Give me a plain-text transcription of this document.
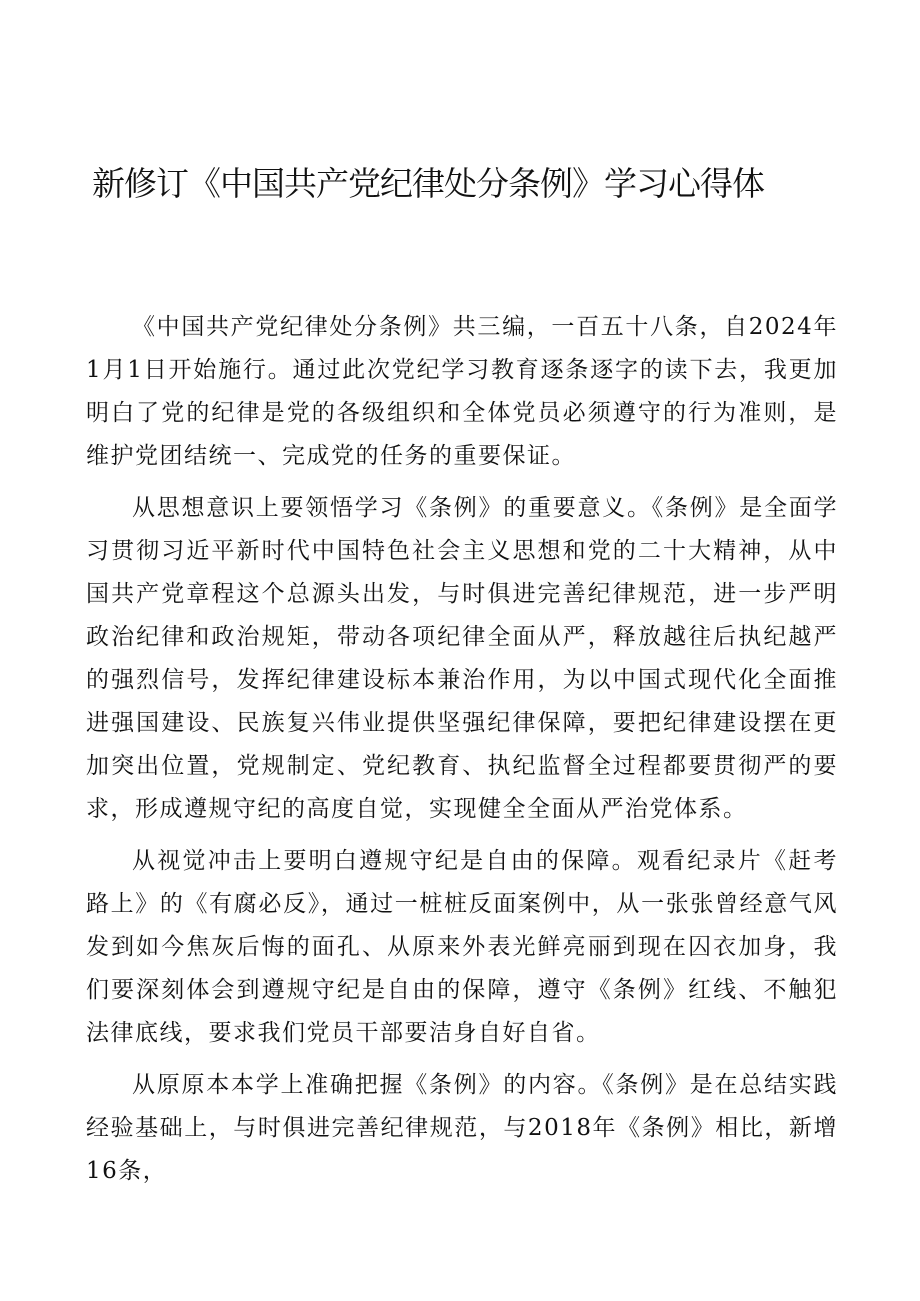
新修订《中国共产党纪律处分条例》学习心得体

《中国共产党纪律处分条例》共三编，一百五十八条，自2024年1月1日开始施行。通过此次党纪学习教育逐条逐字的读下去，我更加明白了党的纪律是党的各级组织和全体党员必须遵守的行为准则，是维护党团结统一、完成党的任务的重要保证。

从思想意识上要领悟学习《条例》的重要意义。《条例》是全面学习贯彻习近平新时代中国特色社会主义思想和党的二十大精神，从中国共产党章程这个总源头出发，与时俱进完善纪律规范，进一步严明政治纪律和政治规矩，带动各项纪律全面从严，释放越往后执纪越严的强烈信号，发挥纪律建设标本兼治作用，为以中国式现代化全面推进强国建设、民族复兴伟业提供坚强纪律保障，要把纪律建设摆在更加突出位置，党规制定、党纪教育、执纪监督全过程都要贯彻严的要求，形成遵规守纪的高度自觉，实现健全全面从严治党体系。

从视觉冲击上要明白遵规守纪是自由的保障。观看纪录片《赶考路上》的《有腐必反》，通过一桩桩反面案例中，从一张张曾经意气风发到如今焦灰后悔的面孔、从原来外表光鲜亮丽到现在囚衣加身，我们要深刻体会到遵规守纪是自由的保障，遵守《条例》红线、不触犯法律底线，要求我们党员干部要洁身自好自省。

从原原本本学上准确把握《条例》的内容。《条例》是在总结实践经验基础上，与时俱进完善纪律规范，与2018年《条例》相比，新增16条，
